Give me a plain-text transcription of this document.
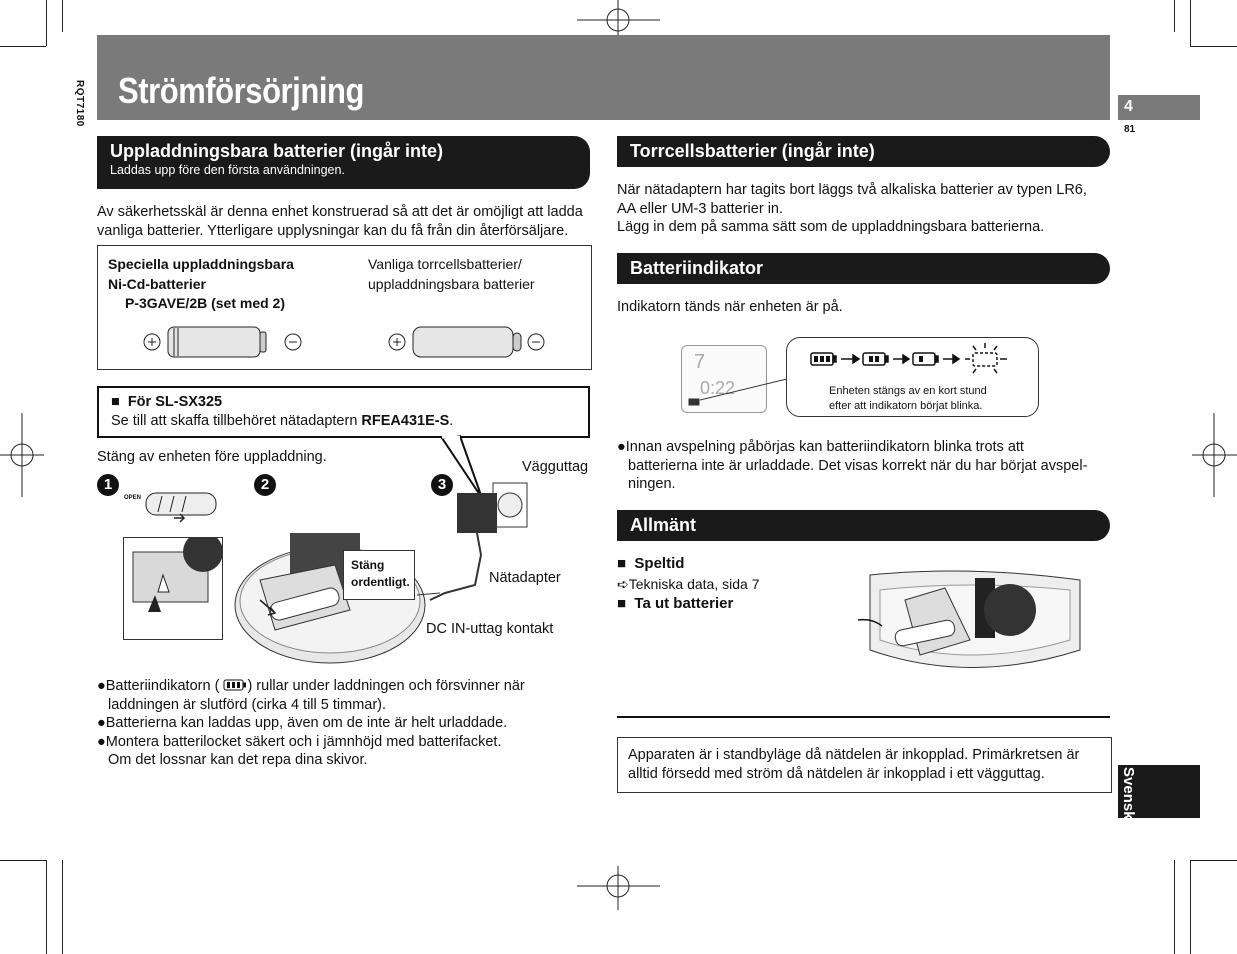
Strömförsörjning
RQT7180	4
81
Uppladdningsbara batterier (ingår inte)
Laddas upp före den första användningen.
Av säkerhetsskäl är denna enhet konstruerad så att det är omöjligt att ladda vanliga batterier. Ytterligare upplysningar kan du få från din återförsäljare.
Speciella uppladdningsbara
Ni-Cd-batterier
P-3GAVE/2B (set med 2)
Vanliga torrcellsbatterier/
uppladdningsbara batterier
■ För SL-SX325
Se till att skaffa tillbehöret nätadaptern RFEA431E-S.
Stäng av enheten före uppladdning.
Vägguttag
1	2	3
OPEN
Stäng
ordentligt.	Nätadapter
DC IN-uttag kontakt
●Batteriindikatorn ( ) rullar under laddningen och försvinner när
laddningen är slutförd (cirka 4 till 5 timmar).
●Batterierna kan laddas upp, även om de inte är helt urladdade.
●Montera batterilocket säkert och i jämnhöjd med batterifacket.
Om det lossnar kan det repa dina skivor.
Torrcellsbatterier (ingår inte)
När nätadaptern har tagits bort läggs två alkaliska batterier av typen LR6,
AA eller UM-3 batterier in.
Lägg in dem på samma sätt som de uppladdningsbara batterierna.
Batteriindikator
Indikatorn tänds när enheten är på.
7
0:22	Enheten stängs av en kort stund
efter att indikatorn börjat blinka.
●Innan avspelning påbörjas kan batteriindikatorn blinka trots att
batterierna inte är urladdade. Det visas korrekt när du har börjat avspel-
ningen.
Allmänt
■ Speltid
➪Tekniska data, sida 7
■ Ta ut batterier
Apparaten är i standbyläge då nätdelen är inkopplad. Primärkretsen är
alltid försedd med ström då nätdelen är inkopplad i ett vägguttag.	Svenska
